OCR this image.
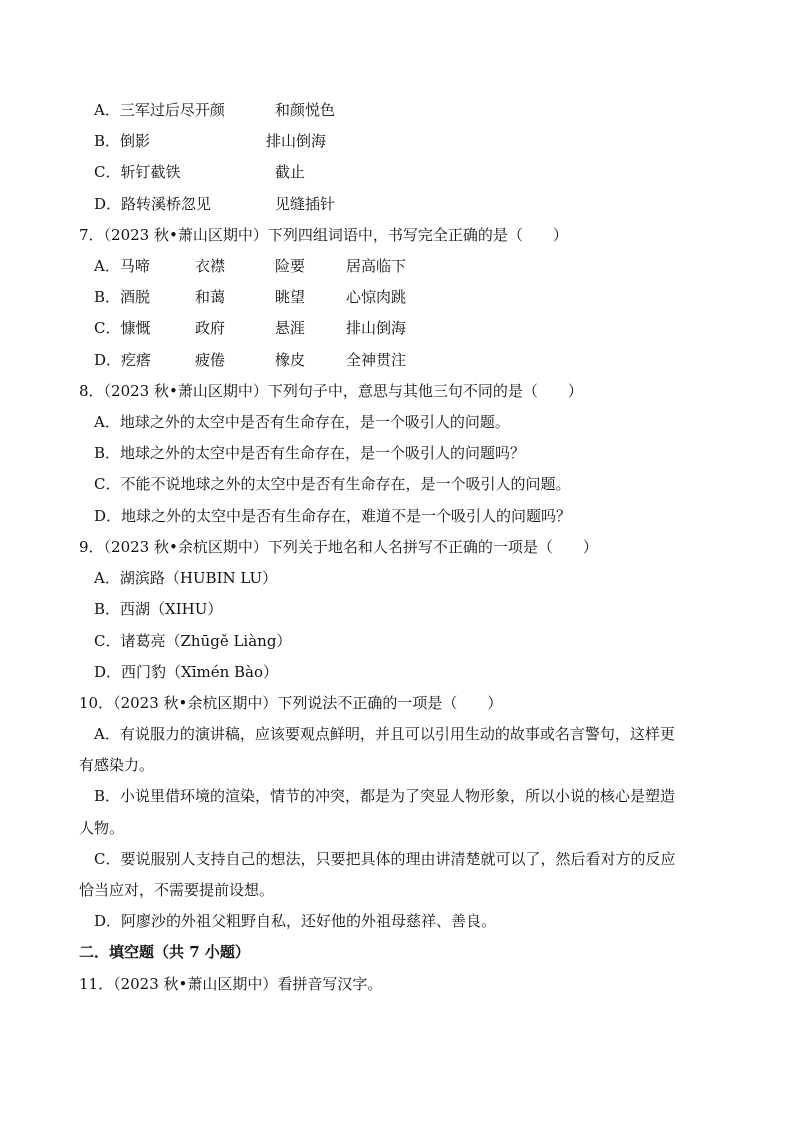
A．三军过后尽开颜

	和颜悦色

B．倒影

	排山倒海

C．斩钉截铁

	截止

D．路转溪桥忽见

	见缝插针

7．（2023 秋•萧山区期中）下列四组词语中，书写完全正确的是（　　）

A．马啼

	衣襟

	险要

	居高临下

B．酒脱

	和蔼

	眺望

	心惊肉跳

C．慷慨

	政府

	悬涯

	排山倒海

D．疙瘩

	疲倦

	橡皮

	全神贯注

8．（2023 秋•萧山区期中）下列句子中，意思与其他三句不同的是（　　）

A．地球之外的太空中是否有生命存在，是一个吸引人的问题。

B．地球之外的太空中是否有生命存在，是一个吸引人的问题吗？

C．不能不说地球之外的太空中是否有生命存在，是一个吸引人的问题。

D．地球之外的太空中是否有生命存在，难道不是一个吸引人的问题吗？

9．（2023 秋•余杭区期中）下列关于地名和人名拼写不正确的一项是（　　）

A．湖滨路（HUBIN LU）

B．西湖（XIHU）

C．诸葛亮（Zhūgě Liàng）

D．西门豹（Xīmén Bào）

10．（2023 秋•余杭区期中）下列说法不正确的一项是（　　）

A．有说服力的演讲稿，应该要观点鲜明，并且可以引用生动的故事或名言警句，这样更

有感染力。

B．小说里借环境的渲染，情节的冲突，都是为了突显人物形象，所以小说的核心是塑造

人物。

C．要说服别人支持自己的想法，只要把具体的理由讲清楚就可以了，然后看对方的反应

恰当应对，不需要提前设想。

D．阿廖沙的外祖父粗野自私，还好他的外祖母慈祥、善良。

二．填空题（共 7 小题）

11．（2023 秋•萧山区期中）看拼音写汉字。
